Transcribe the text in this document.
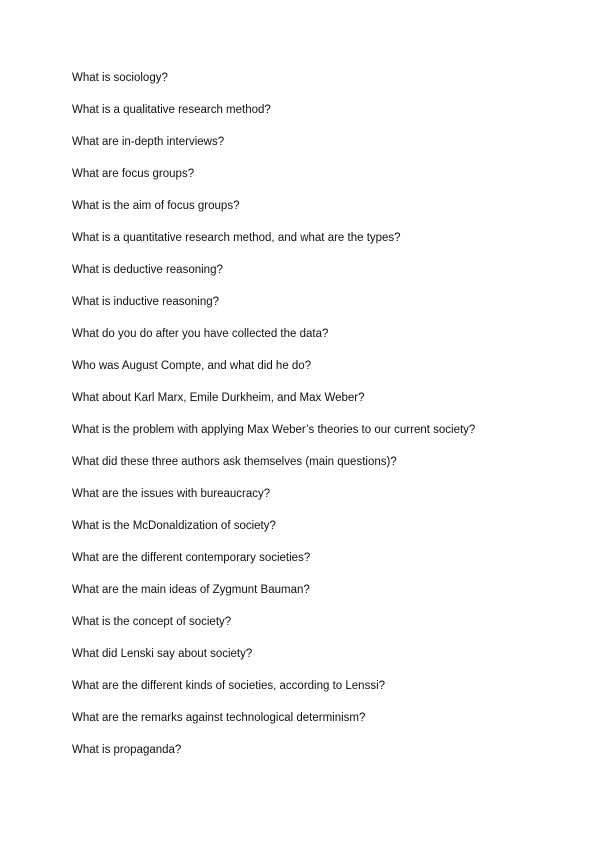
What is sociology?
What is a qualitative research method?
What are in-depth interviews?
What are focus groups?
What is the aim of focus groups?
What is a quantitative research method, and what are the types?
What is deductive reasoning?
What is inductive reasoning?
What do you do after you have collected the data?
Who was August Compte, and what did he do?
What about Karl Marx, Emile Durkheim, and Max Weber?
What is the problem with applying Max Weber’s theories to our current society?
What did these three authors ask themselves (main questions)?
What are the issues with bureaucracy?
What is the McDonaldization of society?
What are the different contemporary societies?
What are the main ideas of Zygmunt Bauman?
What is the concept of society?
What did Lenski say about society?
What are the different kinds of societies, according to Lenssi?
What are the remarks against technological determinism?
What is propaganda?
